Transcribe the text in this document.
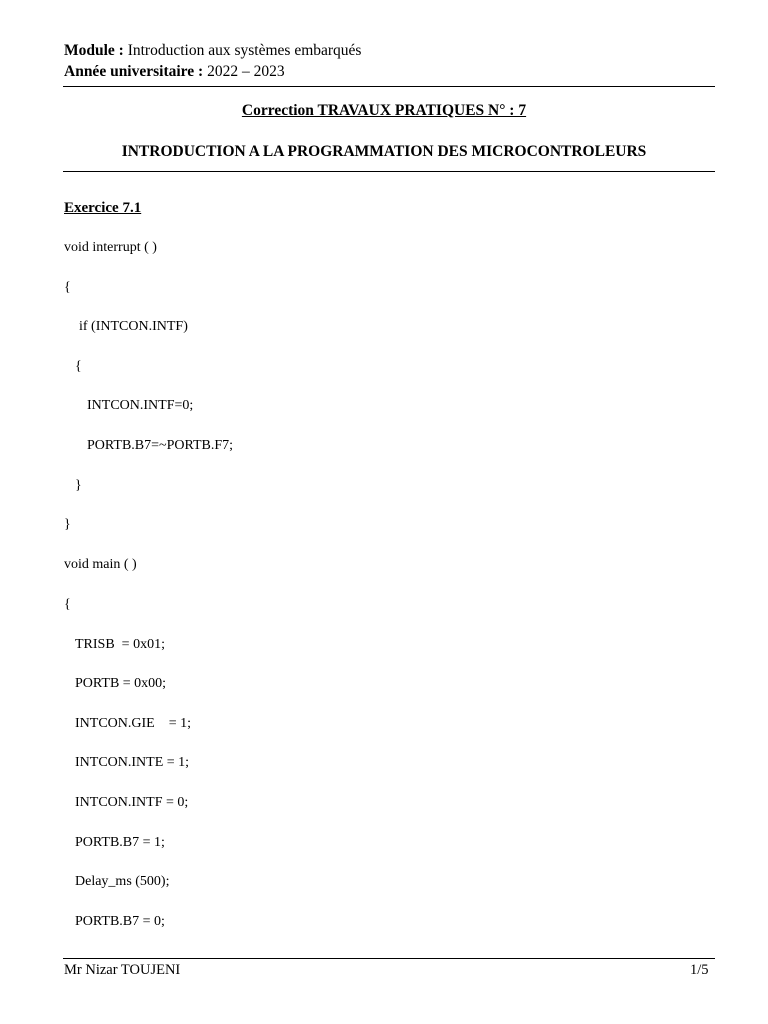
Module : Introduction aux systèmes embarqués
Année universitaire : 2022 – 2023
Correction TRAVAUX PRATIQUES N° : 7
INTRODUCTION A LA PROGRAMMATION DES MICROCONTROLEURS
Exercice 7.1
void interrupt ( )
{
if (INTCON.INTF)
{
INTCON.INTF=0;
PORTB.B7=~PORTB.F7;
}
}
void main ( )
{
TRISB  = 0x01;
PORTB = 0x00;
INTCON.GIE    = 1;
INTCON.INTE = 1;
INTCON.INTF = 0;
PORTB.B7 = 1;
Delay_ms (500);
PORTB.B7 = 0;
Mr Nizar TOUJENI	1/5
